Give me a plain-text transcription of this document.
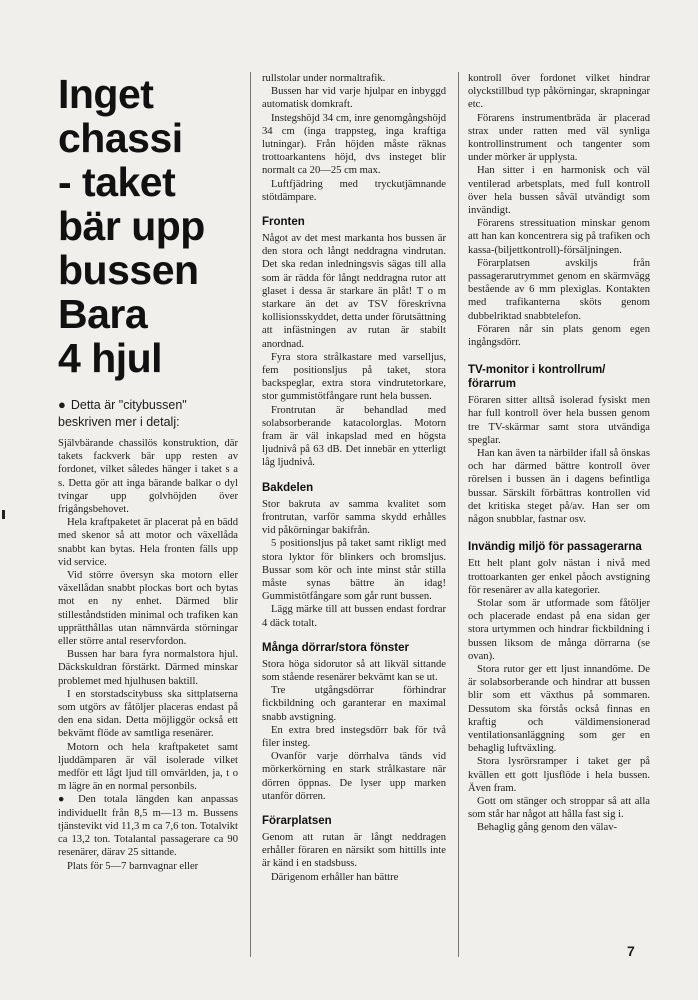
Inget
chassi
- taket
bär upp
bussen
Bara
4 hjul
● Detta är "citybussen" beskriven mer i detalj:

Självbärande chassilös konstruktion, där takets fackverk bär upp resten av fordonet, vilket således hänger i taket s a s. Detta gör att inga bärande balkar o dyl tvingar upp golvhöjden över frigångsbehovet.

Hela kraftpaketet är placerat på en bädd med skenor så att motor och växellåda snabbt kan bytas. Hela fronten fälls upp vid service.

Vid större översyn ska motorn eller växellådan snabbt plockas bort och bytas mot en ny enhet. Därmed blir stilleståndstiden minimal och trafiken kan upprätthållas utan nämnvärda störningar eller större antal reservfordon.

Bussen har bara fyra normalstora hjul. Däckskuldran förstärkt. Därmed minskar problemet med hjulhusen baktill.

I en storstadscitybuss ska sittplatserna som utgörs av fåtöljer placeras endast på den ena sidan. Detta möjliggör också ett bekvämt flöde av samtliga resenärer.

Motorn och hela kraftpaketet samt ljuddämparen är väl isolerade vilket medför ett lågt ljud till omvärlden, ja, t o m lägre än en normal personbils.

● Den totala längden kan anpassas individuellt från 8,5 m—13 m. Bussens tjänstevikt vid 11,3 m ca 7,6 ton. Totalvikt ca 13,2 ton. Totalantal passagerare ca 90 resenärer, därav 25 sittande.

Plats för 5—7 barnvagnar eller

rullstolar under normaltrafik.

Bussen har vid varje hjulpar en inbyggd automatisk domkraft.

Instegshöjd 34 cm, inre genomgångshöjd 34 cm (inga trappsteg, inga kraftiga lutningar). Från höjden måste räknas trottoarkantens höjd, dvs insteget blir normalt ca 20—25 cm max.

Luftfjädring med tryckutjämnande stötdämpare.

Fronten

Något av det mest markanta hos bussen är den stora och långt neddragna vindrutan. Det ska redan inledningsvis sägas till alla som är rädda för långt neddragna rutor att glaset i dessa är starkare än plåt! T o m starkare än det av TSV föreskrivna kollisionsskyddet, detta under förutsättning att infästningen av rutan är stabilt anordnad.

Fyra stora strålkastare med varselljus, fem positionsljus på taket, stora backspeglar, extra stora vindrutetorkare, stor gummistötfångare runt hela bussen.

Frontrutan är behandlad med solabsorberande katacolorglas. Motorn fram är väl inkapslad med en högsta ljudnivå på 63 dB. Det innebär en ytterligt låg ljudnivå.

Bakdelen

Stor bakruta av samma kvalitet som frontrutan, varför samma skydd erhålles vid påkörningar bakifrån.

5 positionsljus på taket samt rikligt med stora lyktor för blinkers och bromsljus. Bussar som kör och inte minst står stilla måste synas bättre än idag! Gummistötfångare som går runt bussen.

Lägg märke till att bussen endast fordrar 4 däck totalt.

Många dörrar/stora fönster

Stora höga sidorutor så att likväl sittande som stående resenärer bekvämt kan se ut.

Tre utgångsdörrar förhindrar fickbildning och garanterar en maximal snabb avstigning.

En extra bred instegsdörr bak för två filer insteg.

Ovanför varje dörrhalva tänds vid mörkerkörning en stark strålkastare när dörren öppnas. De lyser upp marken utanför dörren.

Förarplatsen

Genom att rutan är långt neddragen erhåller föraren en närsikt som hittills inte är känd i en stadsbuss.

Därigenom erhåller han bättre

kontroll över fordonet vilket hindrar olyckstillbud typ påkörningar, skrapningar etc.

Förarens instrumentbräda är placerad strax under ratten med väl synliga kontrollinstrument och tangenter som under mörker är upplysta.

Han sitter i en harmonisk och väl ventilerad arbetsplats, med full kontroll över hela bussen såväl utvändigt som invändigt.

Förarens stressituation minskar genom att han kan koncentrera sig på trafiken och kassa-(biljettkontroll)-försäljningen.

Förarplatsen avskiljs från passagerarutrymmet genom en skärmvägg bestående av 6 mm plexiglas. Kontakten med trafikanterna sköts genom dubbelriktad snabbtelefon.

Föraren når sin plats genom egen ingångsdörr.

TV-monitor i kontrollrum/ förarrum

Föraren sitter alltså isolerad fysiskt men har full kontroll över hela bussen genom tre TV-skärmar samt stora utvändiga speglar.

Han kan även ta närbilder ifall så önskas och har därmed bättre kontroll över rörelsen i bussen än i dagens befintliga bussar. Särskilt förbättras kontrollen vid det kritiska steget på/av. Han ser om någon snubblar, fastnar osv.

Invändig miljö för passagerarna

Ett helt plant golv nästan i nivå med trottoarkanten ger enkel påoch avstigning för resenärer av alla kategorier.

Stolar som är utformade som fåtöljer och placerade endast på ena sidan ger stora urtymmen och hindrar fickbildning i bussen liksom de många dörrarna (se ovan).

Stora rutor ger ett ljust innandöme. De är solabsorberande och hindrar att bussen blir som ett växthus på sommaren. Dessutom ska förstås också finnas en kraftig och väldimensionerad ventilationsanläggning som ger en behaglig luftväxling.

Stora lysrörsramper i taket ger på kvällen ett gott ljusflöde i hela bussen. Även fram.

Gott om stänger och stroppar så att alla som står har något att hålla fast sig i.

Behaglig gång genom den välav-

7
